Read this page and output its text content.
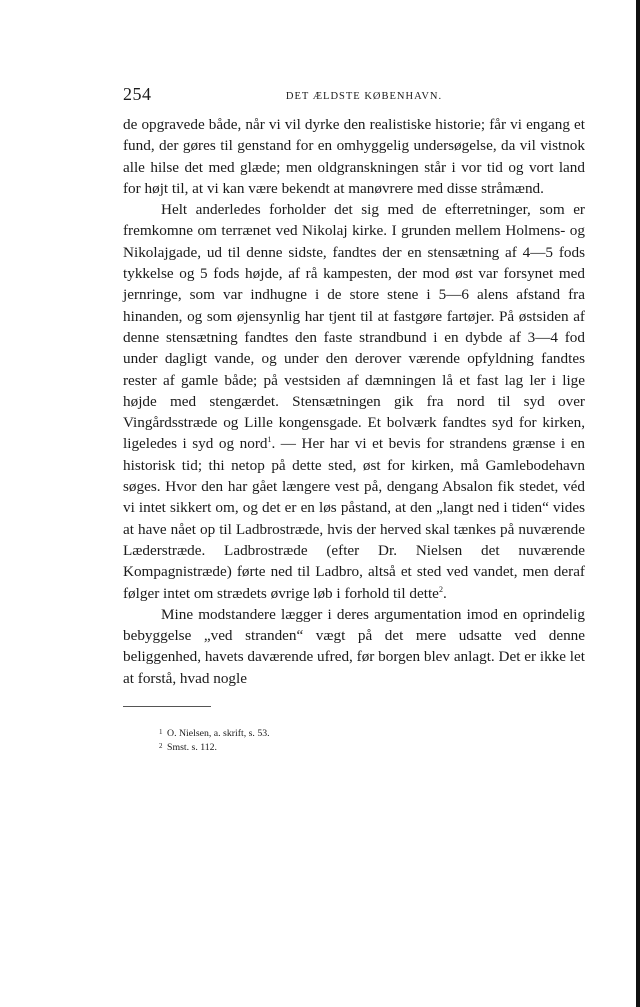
254	DET ÆLDSTE KØBENHAVN.

de opgravede både, når vi vil dyrke den realistiske historie; får vi engang et fund, der gøres til genstand for en omhyggelig undersøgelse, da vil vistnok alle hilse det med glæde; men oldgranskningen står i vor tid og vort land for højt til, at vi kan være bekendt at manøvrere med disse stråmænd.

Helt anderledes forholder det sig med de efterretninger, som er fremkomne om terrænet ved Nikolaj kirke. I grunden mellem Holmens- og Nikolajgade, ud til denne sidste, fandtes der en stensætning af 4—5 fods tykkelse og 5 fods højde, af rå kampesten, der mod øst var forsynet med jernringe, som var indhugne i de store stene i 5—6 alens afstand fra hinanden, og som øjensynlig har tjent til at fastgøre fartøjer. På østsiden af denne stensætning fandtes den faste strandbund i en dybde af 3—4 fod under dagligt vande, og under den derover værende opfyldning fandtes rester af gamle både; på vestsiden af dæmningen lå et fast lag ler i lige højde med stengærdet. Stensætningen gik fra nord til syd over Vingårdsstræde og Lille kongensgade. Et bolværk fandtes syd for kirken, ligeledes i syd og nord$^1$. — Her har vi et bevis for strandens grænse i en historisk tid; thi netop på dette sted, øst for kirken, må Gamlebodehavn søges. Hvor den har gået længere vest på, dengang Absalon fik stedet, véd vi intet sikkert om, og det er en løs påstand, at den „langt ned i tiden“ vides at have nået op til Ladbrostræde, hvis der herved skal tænkes på nuværende Læderstræde. Ladbrostræde (efter Dr. Nielsen det nuværende Kompagnistræde) førte ned til Ladbro, altså et sted ved vandet, men deraf følger intet om strædets øvrige løb i forhold til dette$^2$.

Mine modstandere lægger i deres argumentation imod en oprindelig bebyggelse „ved stranden“ vægt på det mere udsatte ved denne beliggenhed, havets daværende ufred, før borgen blev anlagt. Det er ikke let at forstå, hvad nogle

1 O. Nielsen, a. skrift, s. 53.
2 Smst. s. 112.
